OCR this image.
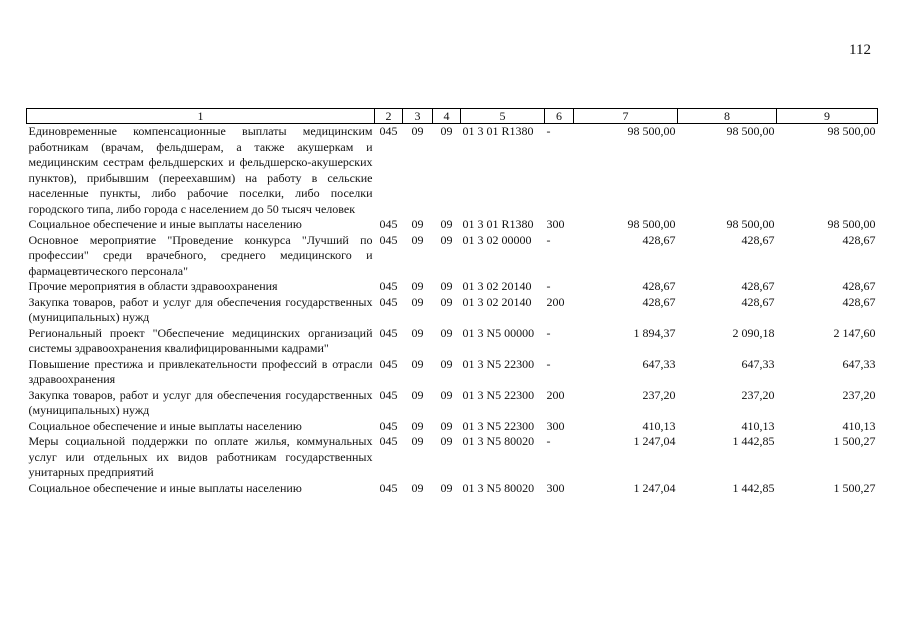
112
1	2	3	4	5	6	7	8	9
Единовременные компенсационные выплаты медицинским работникам (врачам, фельдшерам, а также акушеркам и медицинским сестрам фельдшерских и фельдшерско-акушерских пунктов), прибывшим (переехавшим) на работу в сельские населенные пункты, либо рабочие поселки, либо поселки городского типа, либо города с населением до 50 тысяч человек	045	09	09	01 3 01 R1380	-	98 500,00	98 500,00	98 500,00
Социальное обеспечение и иные выплаты населению	045	09	09	01 3 01 R1380	300	98 500,00	98 500,00	98 500,00
Основное мероприятие "Проведение конкурса "Лучший по профессии" среди врачебного, среднего медицинского и фармацевтического персонала"	045	09	09	01 3 02 00000	-	428,67	428,67	428,67
Прочие мероприятия в области здравоохранения	045	09	09	01 3 02 20140	-	428,67	428,67	428,67
Закупка товаров, работ и услуг для обеспечения государственных (муниципальных) нужд	045	09	09	01 3 02 20140	200	428,67	428,67	428,67
Региональный проект "Обеспечение медицинских организаций системы здравоохранения квалифицированными кадрами"	045	09	09	01 3 N5 00000	-	1 894,37	2 090,18	2 147,60
Повышение престижа и привлекательности профессий в отрасли здравоохранения	045	09	09	01 3 N5 22300	-	647,33	647,33	647,33
Закупка товаров, работ и услуг для обеспечения государственных (муниципальных) нужд	045	09	09	01 3 N5 22300	200	237,20	237,20	237,20
Социальное обеспечение и иные выплаты населению	045	09	09	01 3 N5 22300	300	410,13	410,13	410,13
Меры социальной поддержки по оплате жилья, коммунальных услуг или отдельных их видов работникам государственных унитарных предприятий	045	09	09	01 3 N5 80020	-	1 247,04	1 442,85	1 500,27
Социальное обеспечение и иные выплаты населению	045	09	09	01 3 N5 80020	300	1 247,04	1 442,85	1 500,27
